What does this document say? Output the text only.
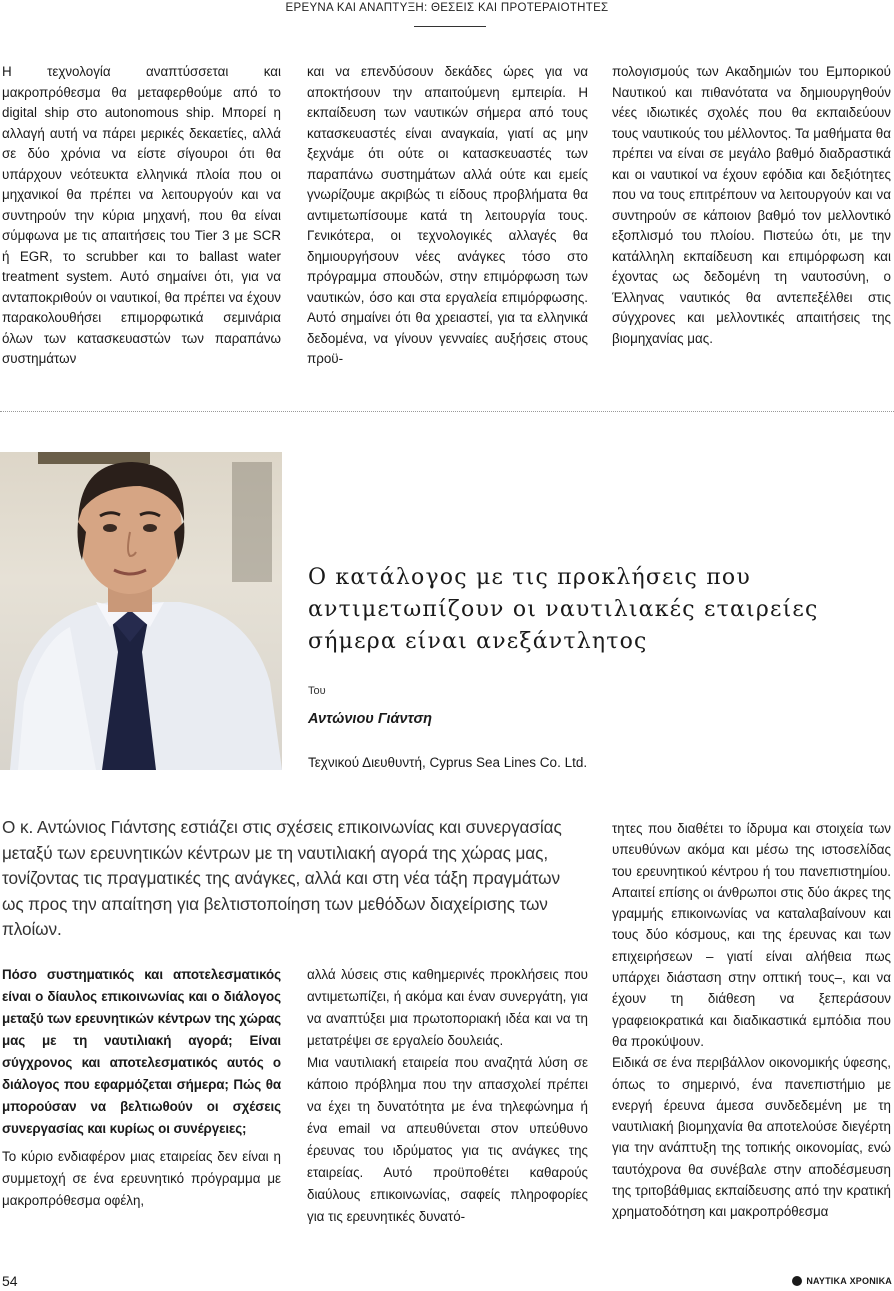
ΕΡΕΥΝΑ ΚΑΙ ΑΝΑΠΤΥΞΗ: ΘΕΣΕΙΣ ΚΑΙ ΠΡΟΤΕΡΑΙΟΤΗΤΕΣ

Η τεχνολογία αναπτύσσεται και μακροπρόθεσμα θα μεταφερθούμε από το digital ship στο autonomous ship. Μπορεί η αλλαγή αυτή να πάρει μερικές δεκαετίες, αλλά σε δύο χρόνια να είστε σίγουροι ότι θα υπάρχουν νεότευκτα ελληνικά πλοία που οι μηχανικοί θα πρέπει να λειτουργούν και να συντηρούν την κύρια μηχανή, που θα είναι σύμφωνα με τις απαιτήσεις του Tier 3 με SCR ή EGR, το scrubber και το ballast water treatment system. Αυτό σημαίνει ότι, για να ανταποκριθούν οι ναυτικοί, θα πρέπει να έχουν παρακολουθήσει επιμορφωτικά σεμινάρια όλων των κατασκευαστών των παραπάνω συστημάτων

και να επενδύσουν δεκάδες ώρες για να αποκτήσουν την απαιτούμενη εμπειρία. Η εκπαίδευση των ναυτικών σήμερα από τους κατασκευαστές είναι αναγκαία, γιατί ας μην ξεχνάμε ότι ούτε οι κατασκευαστές των παραπάνω συστημάτων αλλά ούτε και εμείς γνωρίζουμε ακριβώς τι είδους προβλήματα θα αντιμετωπίσουμε κατά τη λειτουργία τους. Γενικότερα, οι τεχνολογικές αλλαγές θα δημιουργήσουν νέες ανάγκες τόσο στο πρόγραμμα σπουδών, στην επιμόρφωση των ναυτικών, όσο και στα εργαλεία επιμόρφωσης. Αυτό σημαίνει ότι θα χρειαστεί, για τα ελληνικά δεδομένα, να γίνουν γενναίες αυξήσεις στους προϋ-

πολογισμούς των Ακαδημιών του Εμπορικού Ναυτικού και πιθανότατα να δημιουργηθούν νέες ιδιωτικές σχολές που θα εκπαιδεύουν τους ναυτικούς του μέλλοντος. Τα μαθήματα θα πρέπει να είναι σε μεγάλο βαθμό διαδραστικά και οι ναυτικοί να έχουν εφόδια και δεξιότητες που να τους επιτρέπουν να λειτουργούν και να συντηρούν σε κάποιον βαθμό τον μελλοντικό εξοπλισμό του πλοίου. Πιστεύω ότι, με την κατάλληλη εκπαίδευση και επιμόρφωση και έχοντας ως δεδομένη τη ναυτοσύνη, ο Έλληνας ναυτικός θα αντεπεξέλθει στις σύγχρονες και μελλοντικές απαιτήσεις της βιομηχανίας μας.

Ο κατάλογος με τις προκλήσεις που αντιμετωπίζουν οι ναυτιλιακές εταιρείες σήμερα είναι ανεξάντλητος
Του
Αντώνιου Γιάντση
Τεχνικού Διευθυντή, Cyprus Sea Lines Co. Ltd.
Ο κ. Αντώνιος Γιάντσης εστιάζει στις σχέσεις επικοινωνίας και συνεργασίας μεταξύ των ερευνητικών κέντρων με τη ναυτιλιακή αγορά της χώρας μας, τονίζοντας τις πραγματικές της ανάγκες, αλλά και στη νέα τάξη πραγμάτων ως προς την απαίτηση για βελτιστοποίηση των μεθόδων διαχείρισης των πλοίων.

Πόσο συστηματικός και αποτελεσματικός είναι ο δίαυλος επικοινωνίας και ο διάλογος μεταξύ των ερευνητικών κέντρων της χώρας μας με τη ναυτιλιακή αγορά; Είναι σύγχρονος και αποτελεσματικός αυτός ο διάλογος που εφαρμόζεται σήμερα; Πώς θα μπορούσαν να βελτιωθούν οι σχέσεις συνεργασίας και κυρίως οι συνέργειες;

Το κύριο ενδιαφέρον μιας εταιρείας δεν είναι η συμμετοχή σε ένα ερευνητικό πρόγραμμα με μακροπρόθεσμα οφέλη,

αλλά λύσεις στις καθημερινές προκλήσεις που αντιμετωπίζει, ή ακόμα και έναν συνεργάτη, για να αναπτύξει μια πρωτοποριακή ιδέα και να τη μετατρέψει σε εργαλείο δουλειάς.

Μια ναυτιλιακή εταιρεία που αναζητά λύση σε κάποιο πρόβλημα που την απασχολεί πρέπει να έχει τη δυνατότητα με ένα τηλεφώνημα ή ένα email να απευθύνεται στον υπεύθυνο έρευνας του ιδρύματος για τις ανάγκες της εταιρείας. Αυτό προϋποθέτει καθαρούς διαύλους επικοινωνίας, σαφείς πληροφορίες για τις ερευνητικές δυνατό-

τητες που διαθέτει το ίδρυμα και στοιχεία των υπευθύνων ακόμα και μέσω της ιστοσελίδας του ερευνητικού κέντρου ή του πανεπιστημίου. Απαιτεί επίσης οι άνθρωποι στις δύο άκρες της γραμμής επικοινωνίας να καταλαβαίνουν και τους δύο κόσμους, και της έρευνας και των επιχειρήσεων – γιατί είναι αλήθεια πως υπάρχει διάσταση στην οπτική τους–, και να έχουν τη διάθεση να ξεπεράσουν γραφειοκρατικά και διαδικαστικά εμπόδια που θα προκύψουν.

Ειδικά σε ένα περιβάλλον οικονομικής ύφεσης, όπως το σημερινό, ένα πανεπιστήμιο με ενεργή έρευνα άμεσα συνδεδεμένη με τη ναυτιλιακή βιομηχανία θα αποτελούσε διεγέρτη για την ανάπτυξη της τοπικής οικονομίας, ενώ ταυτόχρονα θα συνέβαλε στην αποδέσμευση της τριτοβάθμιας εκπαίδευσης από την κρατική χρηματοδότηση και μακροπρόθεσμα

54	ΝΑΥΤΙΚΑ ΧΡΟΝΙΚΑ
